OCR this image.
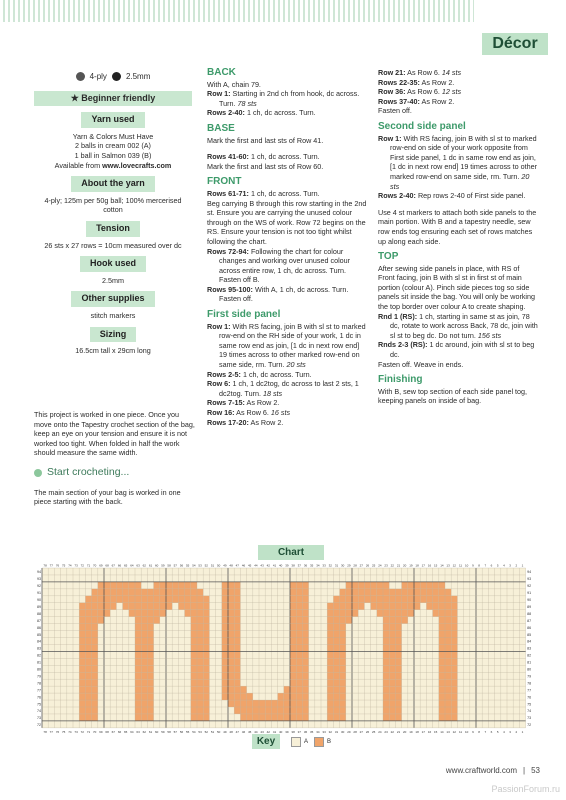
Décor
4-ply 2.5mm
★ Beginner friendly
Yarn used

Yarn & Colors Must Have

2 balls in cream 002 (A)

1 ball in Salmon 039 (B)

Available from www.lovecrafts.com

About the yarn

4-ply; 125m per 50g ball; 100% mercerised cotton

Tension

26 sts x 27 rows = 10cm measured over dc

Hook used

2.5mm

Other supplies

stitch markers

Sizing

16.5cm tall x 29cm long

This project is worked in one piece. Once you move onto the Tapestry crochet section of the bag, keep an eye on your tension and ensure it is not worked too tight. When folded in half the work should measure the same width.

Start crocheting...

The main section of your bag is worked in one piece starting with the back.

BACK

With A, chain 79.

Row 1: Starting in 2nd ch from hook, dc across. Turn. 78 sts

Rows 2-40: 1 ch, dc across. Turn.

BASE

Mark the first and last sts of Row 41.

Rows 41-60: 1 ch, dc across. Turn.

Mark the first and last sts of Row 60.

FRONT

Rows 61-71: 1 ch, dc across. Turn.

Beg carrying B through this row starting in the 2nd st. Ensure you are carrying the unused colour through on the WS of work. Row 72 begins on the RS. Ensure your tension is not too tight whilst following the chart.

Rows 72-94: Following the chart for colour changes and working over unused colour across entire row, 1 ch, dc across. Turn. Fasten off B.

Rows 95-100: With A, 1 ch, dc across. Turn. Fasten off.

First side panel

Row 1: With RS facing, join B with sl st to marked row-end on the RH side of your work, 1 dc in same row end as join, [1 dc in next row end] 19 times across to other marked row-end on same side, rm. Turn. 20 sts

Rows 2-5: 1 ch, dc across. Turn.

Row 6: 1 ch, 1 dc2tog, dc across to last 2 sts, 1 dc2tog. Turn. 18 sts

Rows 7-15: As Row 2.

Row 16: As Row 6. 16 sts

Rows 17-20: As Row 2.

Row 21: As Row 6. 14 sts

Rows 22-35: As Row 2.

Row 36: As Row 6. 12 sts

Rows 37-40: As Row 2.

Fasten off.

Second side panel

Row 1: With RS facing, join B with sl st to marked row-end on side of your work opposite from First side panel, 1 dc in same row end as join, [1 dc in next row end] 19 times across to other marked row-end on same side, rm. Turn. 20 sts

Rows 2-40: Rep rows 2-40 of First side panel.

Use 4 st markers to attach both side panels to the main portion. With B and a tapestry needle, sew row ends tog ensuring each set of rows matches up along each side.

TOP

After sewing side panels in place, with RS of Front facing, join B with sl st in first st of main portion (colour A). Pinch side pieces tog so side panels sit inside the bag. You will only be working the top border over colour A to create shaping.

Rnd 1 (RS): 1 ch, starting in same st as join, 78 dc, rotate to work across Back, 78 dc, join with sl st to beg dc. Do not turn. 156 sts

Rnds 2-3 (RS): 1 dc around, join with sl st to beg dc.

Fasten off. Weave in ends.

Finishing

With B, sew top section of each side panel tog, keeping panels on inside of bag.

Chart
94	94
93	93
92	92
91	91
90	90
89	89
88	88
87	87
86	86
85	85
84	84
83	83
82	82
81	81
80	80
79	79
78	78
77	77
76	76
75	75
74	74
73	73
72	72
78
78
77
77
76
76
75
75
74
74
73
73
72
72
71
71
70
70
69
69
68
68
67
67
66
66
65
65
64
64
63
63
62
62
61
61
60
60
59
59
58
58
57
57
56
56
55
55
54
54
53
53
52
52
51
51
50
50
49
49
48
48
47
47
46
46
45
45
44
44
43
43
42
42
41
41
40
40
39
39
38
38
37
37
36
36
35
35
34
34
33
33
32
32
31
31
30
30
29
29
28
28
27
27
26
26
25
25
24
24
23
23
22
22
21
21
20
20
19
19
18
18
17
17
16
16
15
15
14
14
13
13
12
12
11
11
10
10
9
9
8
8
7
7
6
6
5
5
4
4
3
3
2
2
1
1
Key	A	B
www.craftworld.com | 53
PassionForum.ru
